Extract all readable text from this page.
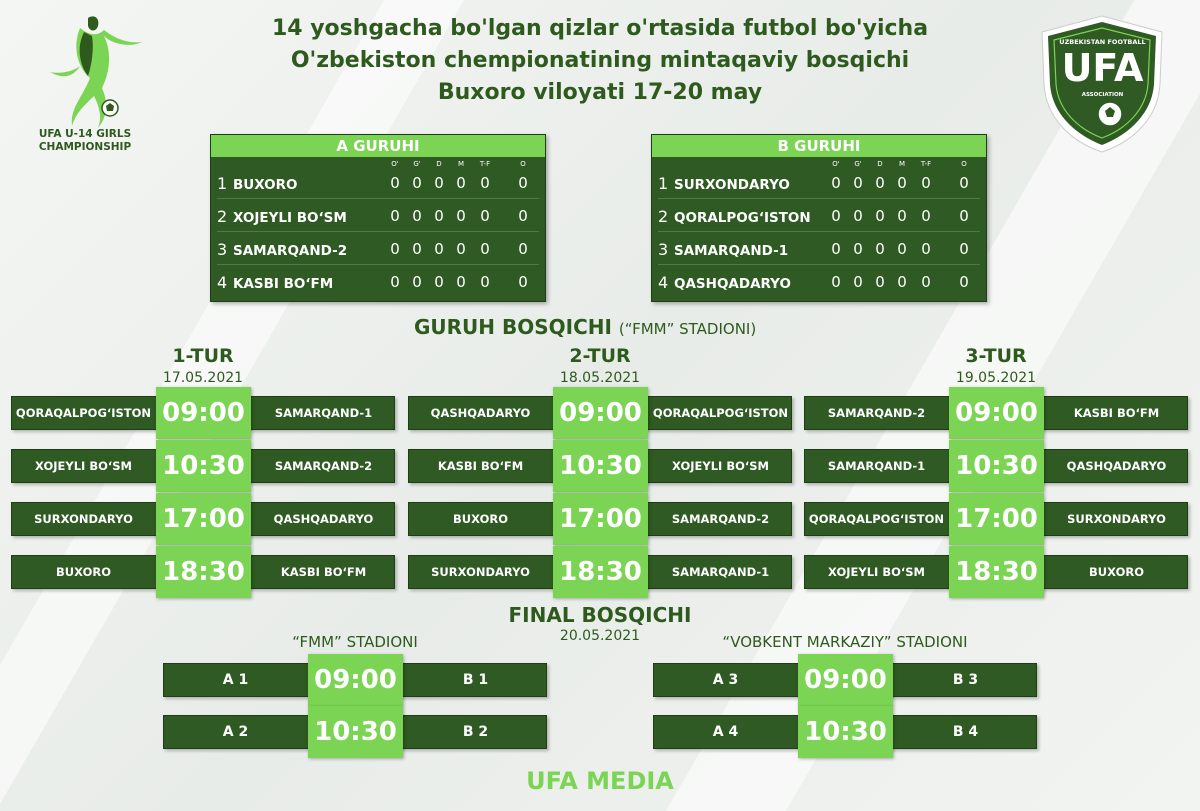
UFA U-14 GIRLS
CHAMPIONSHIP
14 yoshgacha bo'lgan qizlar o'rtasida futbol bo'yicha
O'zbekiston chempionatining mintaqaviy bosqichi
Buxoro viloyati 17-20 may
UZBEKISTAN FOOTBALL
UFA
ASSOCIATION
A GURUHI
O'	G'	D	M	T-F	O
1 BUXORO	0 0 0 0 0	0
2 XOJEYLI BO‘SM	0 0 0 0 0	0
3 SAMARQAND-2	0 0 0 0 0	0
4 KASBI BO‘FM	0 0 0 0 0	0
B GURUHI
O'	G'	D	M	T-F	O
1 SURXONDARYO	0 0 0 0 0	0
2 QORALPOG‘ISTON	0 0 0 0 0	0
3 SAMARQAND-1	0 0 0 0 0	0
4 QASHQADARYO	0 0 0 0 0	0
GURUH BOSQICHI (“FMM” STADIONI)
1-TUR
17.05.2021
2-TUR
18.05.2021
3-TUR
19.05.2021
QORAQALPOG‘ISTON 09:00	SAMARQAND-1
XOJEYLI BO‘SM	10:30	SAMARQAND-2
SURXONDARYO	17:00	QASHQADARYO
BUXORO	18:30	KASBI BO‘FM
QASHQADARYO	09:00 QORAQALPOG‘ISTON
KASBI BO‘FM	10:30	XOJEYLI BO‘SM
BUXORO	17:00	SAMARQAND-2
SURXONDARYO	18:30	SAMARQAND-1
SAMARQAND-2	09:00	KASBI BO‘FM
SAMARQAND-1	10:30	QASHQADARYO
QORAQALPOG‘ISTON 17:00	SURXONDARYO
XOJEYLI BO‘SM	18:30	BUXORO
FINAL BOSQICHI
20.05.2021
“FMM” STADIONI	“VOBKENT MARKAZIY” STADIONI
A 1	09:00	B 1
A 2	10:30	B 2
A 3	09:00	B 3
A 4	10:30	B 4
UFA MEDIA
